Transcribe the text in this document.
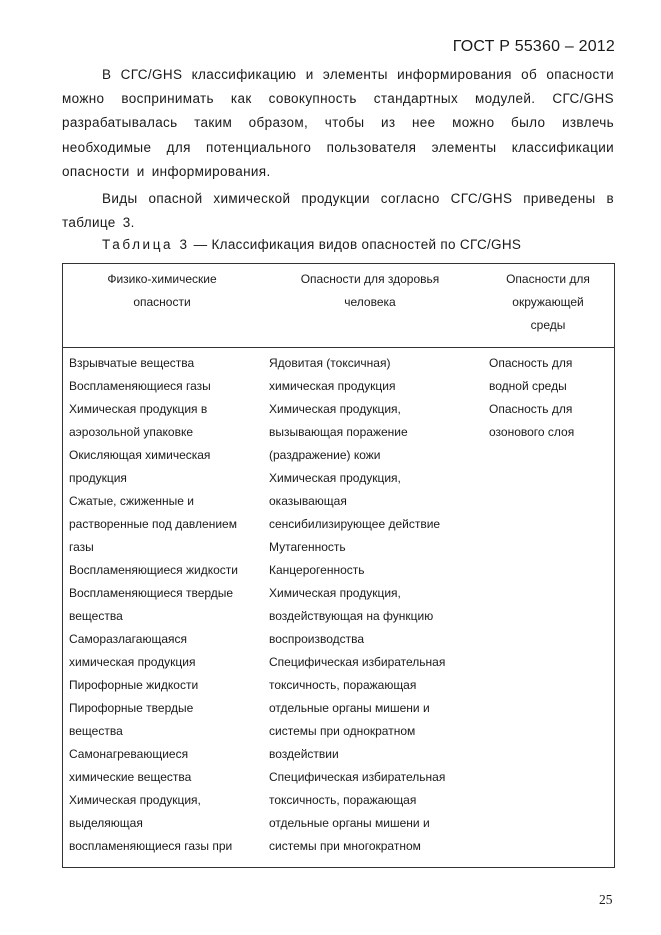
ГОСТ Р 55360 – 2012

В СГС/GHS классификацию и элементы информирования об опасности можно воспринимать как совокупность стандартных модулей. СГС/GHS разрабатывалась таким образом, чтобы из нее можно было извлечь необходимые для потенциального пользователя элементы классификации опасности и информирования.

Виды опасной химической продукции согласно СГС/GHS приведены в таблице 3.

Таблица 3 — Классификация видов опасностей по СГС/GHS
Физико-химические
опасности
Опасности для здоровья
человека
Опасности для
окружающей
среды
Взрывчатые вещества
Воспламеняющиеся газы
Химическая продукция в
аэрозольной упаковке
Окисляющая химическая
продукция
Сжатые, сжиженные и
растворенные под давлением
газы
Воспламеняющиеся жидкости
Воспламеняющиеся твердые
вещества
Саморазлагающаяся
химическая продукция
Пирофорные жидкости
Пирофорные твердые
вещества
Самонагревающиеся
химические вещества
Химическая продукция,
выделяющая
воспламеняющиеся газы при
Ядовитая (токсичная)
химическая продукция
Химическая продукция,
вызывающая поражение
(раздражение) кожи
Химическая продукция,
оказывающая
сенсибилизирующее действие
Мутагенность
Канцерогенность
Химическая продукция,
воздействующая на функцию
воспроизводства
Специфическая избирательная
токсичность, поражающая
отдельные органы мишени и
системы при однократном
воздействии
Специфическая избирательная
токсичность, поражающая
отдельные органы мишени и
системы при многократном
Опасность для
водной среды
Опасность для
озонового слоя
25
